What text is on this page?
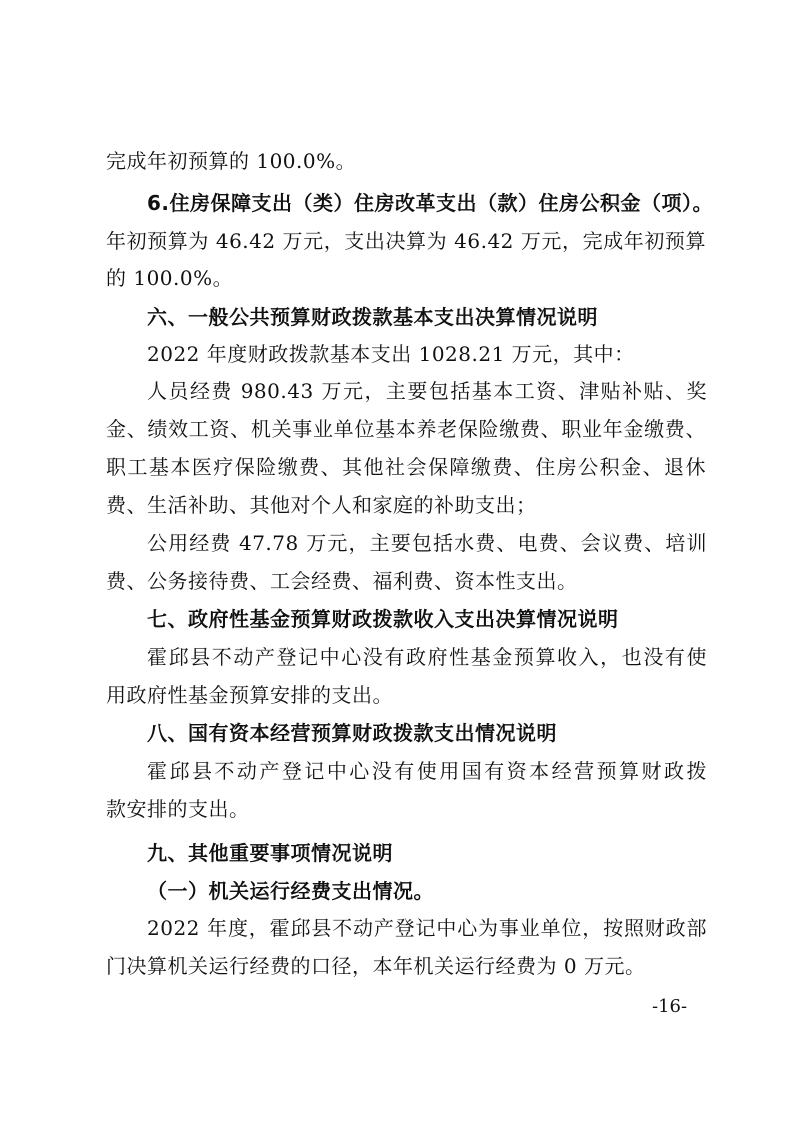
完成年初预算的 100.0%。
6.住房保障支出（类）住房改革支出（款）住房公积金（项）。
年初预算为 46.42 万元，支出决算为 46.42 万元，完成年初预算
的 100.0%。
六、一般公共预算财政拨款基本支出决算情况说明
2022 年度财政拨款基本支出 1028.21 万元，其中：
人员经费 980.43 万元，主要包括基本工资、津贴补贴、奖
金、绩效工资、机关事业单位基本养老保险缴费、职业年金缴费、
职工基本医疗保险缴费、其他社会保障缴费、住房公积金、退休
费、生活补助、其他对个人和家庭的补助支出；
公用经费 47.78 万元，主要包括水费、电费、会议费、培训
费、公务接待费、工会经费、福利费、资本性支出。
七、政府性基金预算财政拨款收入支出决算情况说明
霍邱县不动产登记中心没有政府性基金预算收入，也没有使
用政府性基金预算安排的支出。
八、国有资本经营预算财政拨款支出情况说明
霍邱县不动产登记中心没有使用国有资本经营预算财政拨
款安排的支出。
九、其他重要事项情况说明
（一）机关运行经费支出情况。
2022 年度，霍邱县不动产登记中心为事业单位，按照财政部
门决算机关运行经费的口径，本年机关运行经费为 0 万元。
-16-
